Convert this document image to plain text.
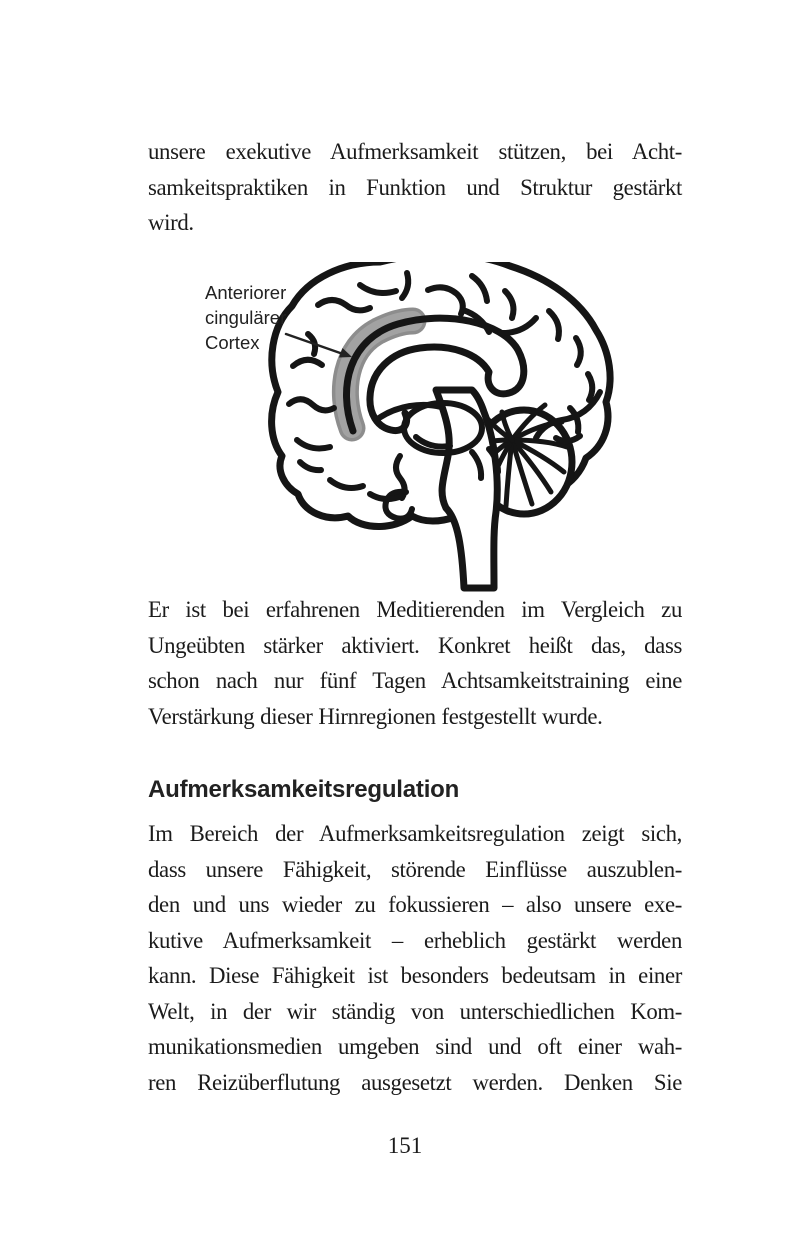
unsere exekutive Aufmerksamkeit stützen, bei Acht-
samkeitspraktiken in Funktion und Struktur gestärkt
wird.
Anteriorer
cingulärer
Cortex
Er ist bei erfahrenen Meditierenden im Vergleich zu
Ungeübten stärker aktiviert. Konkret heißt das, dass
schon nach nur fünf Tagen Achtsamkeitstraining eine
Verstärkung dieser Hirnregionen festgestellt wurde.
Aufmerksamkeitsregulation
Im Bereich der Aufmerksamkeitsregulation zeigt sich,
dass unsere Fähigkeit, störende Einflüsse auszublen-
den und uns wieder zu fokussieren – also unsere exe-
kutive Aufmerksamkeit – erheblich gestärkt werden
kann. Diese Fähigkeit ist besonders bedeutsam in einer
Welt, in der wir ständig von unterschiedlichen Kom-
munikationsmedien umgeben sind und oft einer wah-
ren Reizüberflutung ausgesetzt werden. Denken Sie
151
